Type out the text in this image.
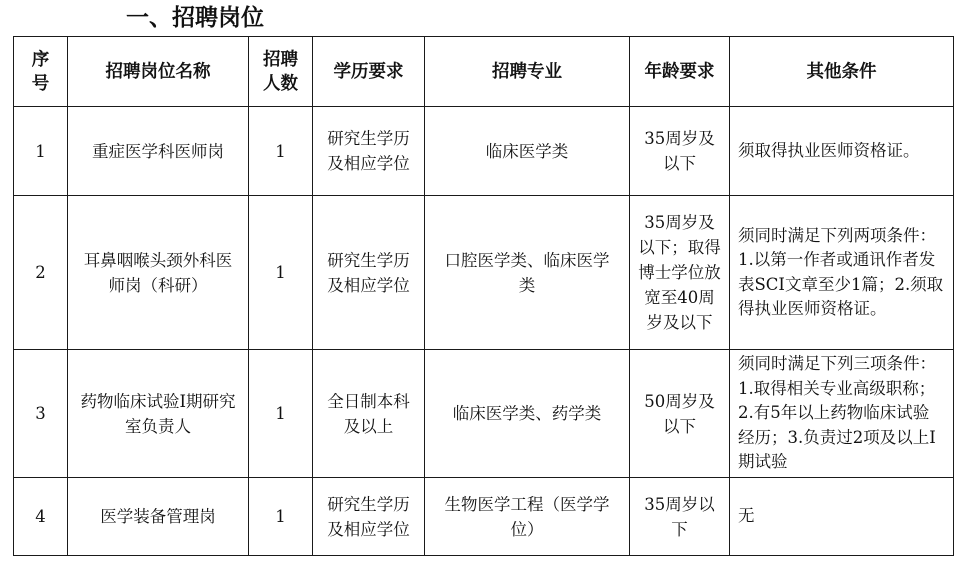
一、招聘岗位
序号	招聘岗位名称	招聘人数	学历要求	招聘专业	年龄要求	其他条件
1	重症医学科医师岗	1	研究生学历及相应学位	临床医学类	35周岁及以下	须取得执业医师资格证。
2	耳鼻咽喉头颈外科医师岗（科研）	1	研究生学历及相应学位	口腔医学类、临床医学类	35周岁及以下；取得博士学位放宽至40周岁及以下	须同时满足下列两项条件：1.以第一作者或通讯作者发表SCI文章至少1篇；2.须取得执业医师资格证。
3	药物临床试验Ⅰ期研究室负责人	1	全日制本科及以上	临床医学类、药学类	50周岁及以下	须同时满足下列三项条件：1.取得相关专业高级职称；2.有5年以上药物临床试验经历；3.负责过2项及以上Ⅰ期试验
4	医学装备管理岗	1	研究生学历及相应学位	生物医学工程（医学学位）	35周岁以下	无
